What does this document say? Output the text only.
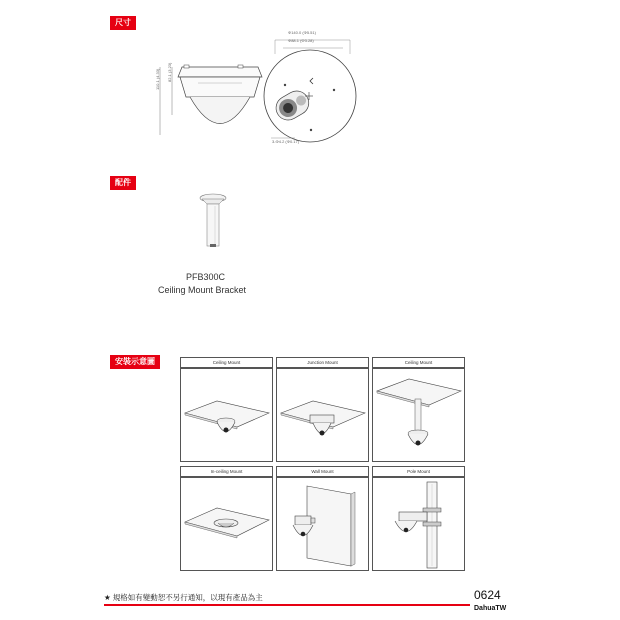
尺寸
配件
安裝示意圖
110.1 (4.33) 82.1 (3.23)
Φ140.0 (Φ5.51)
Φ88.1 (Φ3.28)
3-Φ4.2 (Φ0.17)
PFB300C
Ceiling Mount Bracket
Ceiling Mount	Junction Mount	Ceiling Mount
In-ceiling Mount	Wall Mount	Pole Mount
★ 規格如有變動恕不另行通知，以現有產品為主	0624
DahuaTW
